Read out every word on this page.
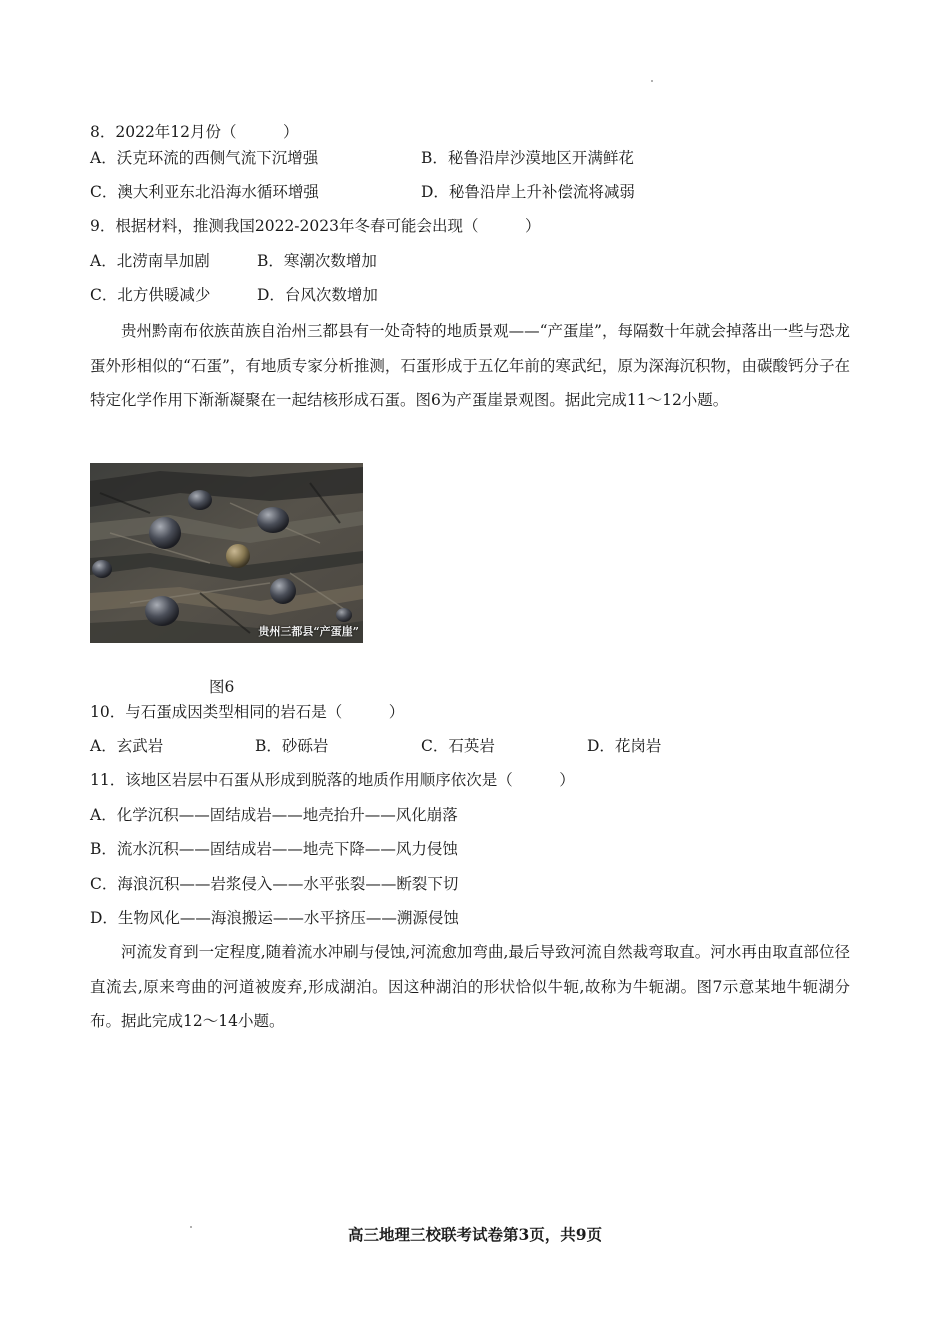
8．2022年12月份（　　　）
A．沃克环流的西侧气流下沉增强	B．秘鲁沿岸沙漠地区开满鲜花
C．澳大利亚东北沿海水循环增强	D．秘鲁沿岸上升补偿流将减弱
9．根据材料，推测我国2022-2023年冬春可能会出现（　　　）
A．北涝南旱加剧	B．寒潮次数增加
C．北方供暖减少	D．台风次数增加
贵州黔南布依族苗族自治州三都县有一处奇特的地质景观——“产蛋崖”，每隔数十年就会掉落出一些与恐龙蛋外形相似的“石蛋”，有地质专家分析推测，石蛋形成于五亿年前的寒武纪，原为深海沉积物，由碳酸钙分子在特定化学作用下渐渐凝聚在一起结核形成石蛋。图6为产蛋崖景观图。据此完成11～12小题。
贵州三都县“产蛋崖”
图6
10．与石蛋成因类型相同的岩石是（　　　）
A．玄武岩	B．砂砾岩	C．石英岩	D．花岗岩
11．该地区岩层中石蛋从形成到脱落的地质作用顺序依次是（　　　）
A．化学沉积——固结成岩——地壳抬升——风化崩落
B．流水沉积——固结成岩——地壳下降——风力侵蚀
C．海浪沉积——岩浆侵入——水平张裂——断裂下切
D．生物风化——海浪搬运——水平挤压——溯源侵蚀
河流发育到一定程度,随着流水冲刷与侵蚀,河流愈加弯曲,最后导致河流自然裁弯取直。河水再由取直部位径直流去,原来弯曲的河道被废弃,形成湖泊。因这种湖泊的形状恰似牛轭,故称为牛轭湖。图7示意某地牛轭湖分布。据此完成12～14小题。
高三地理三校联考试卷第3页，共9页
